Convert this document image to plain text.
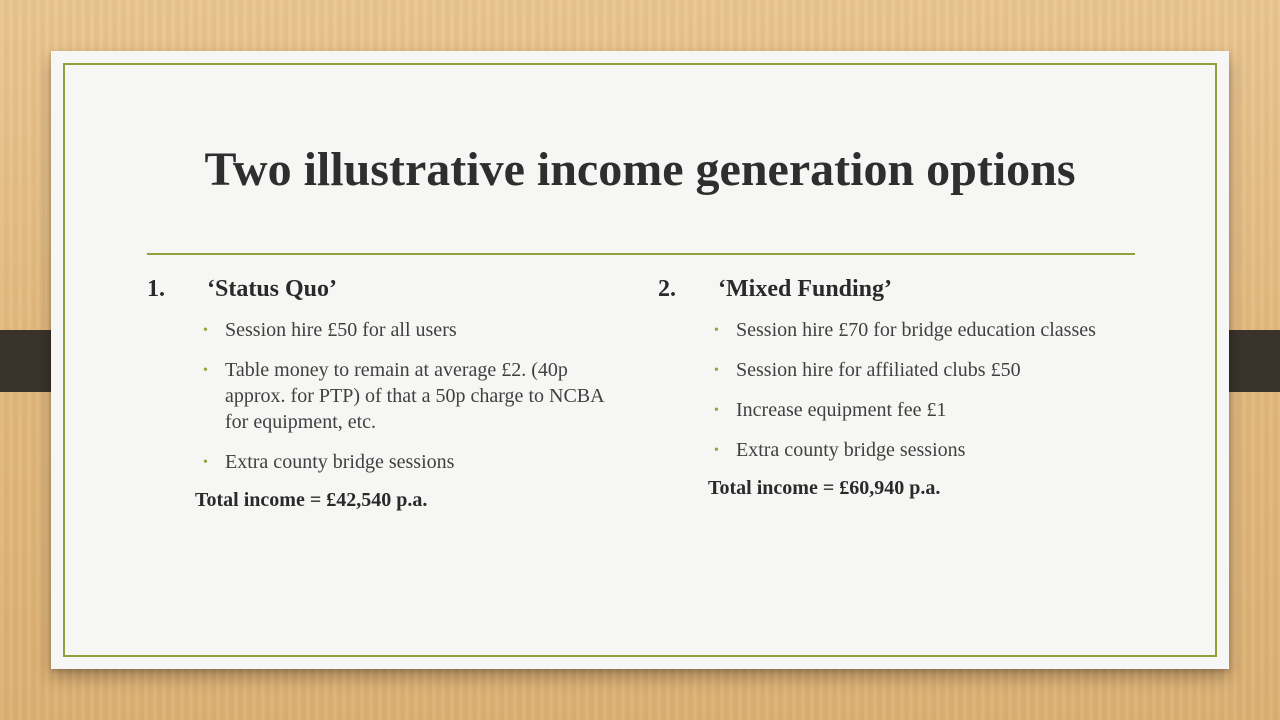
Two illustrative income generation options
1.	‘Status Quo’
• Session hire £50 for all users
• Table money to remain at average £2. (40p approx. for PTP) of that a 50p charge to NCBA for equipment, etc.
• Extra county bridge sessions
Total income = £42,540 p.a.
2.	‘Mixed Funding’
• Session hire £70 for bridge education classes
• Session hire for affiliated clubs £50
• Increase equipment fee £1
• Extra county bridge sessions
Total income = £60,940 p.a.
